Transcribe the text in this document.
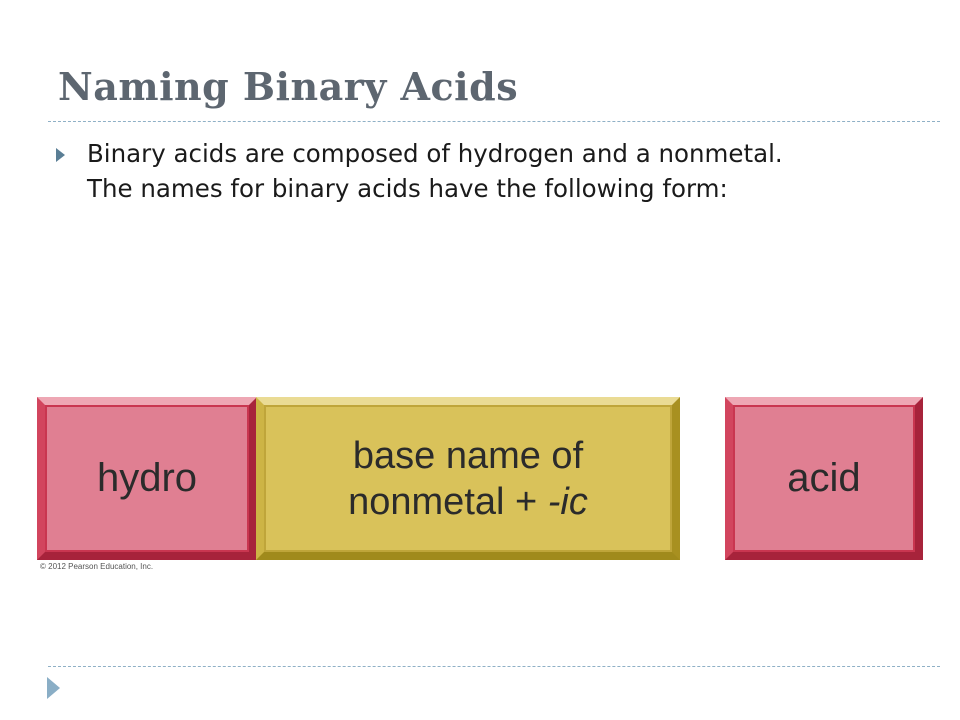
Naming Binary Acids
Binary acids are composed of hydrogen and a nonmetal.
The names for binary acids have the following form:
hydro
base name of
nonmetal + -ic
acid
© 2012 Pearson Education, Inc.
